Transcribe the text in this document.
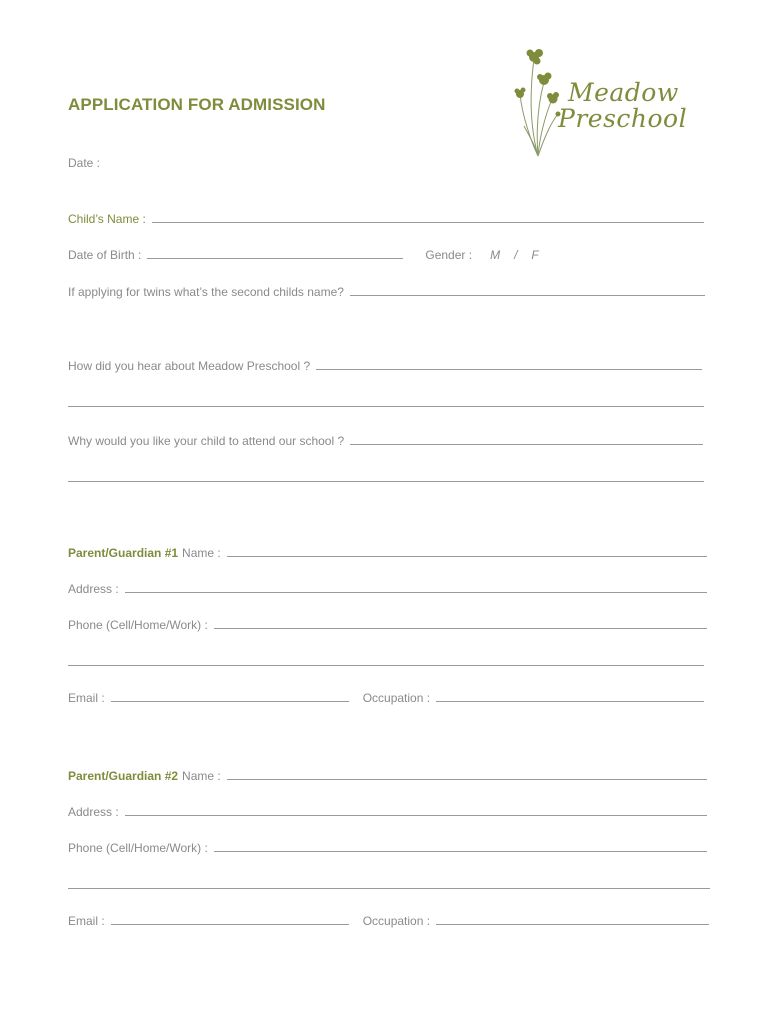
APPLICATION FOR ADMISSION	Meadow
Preschool
Date :
Child’s Name :
Date of Birth :	Gender :	M	/	F
If applying for twins what’s the second childs name?
How did you hear about Meadow Preschool ?
Why would you like your child to attend our school ?
Parent/Guardian #1 Name :
Address :
Phone (Cell/Home/Work) :
Email :	Occupation :
Parent/Guardian #2 Name :
Address :
Phone (Cell/Home/Work) :
Email :	Occupation :
